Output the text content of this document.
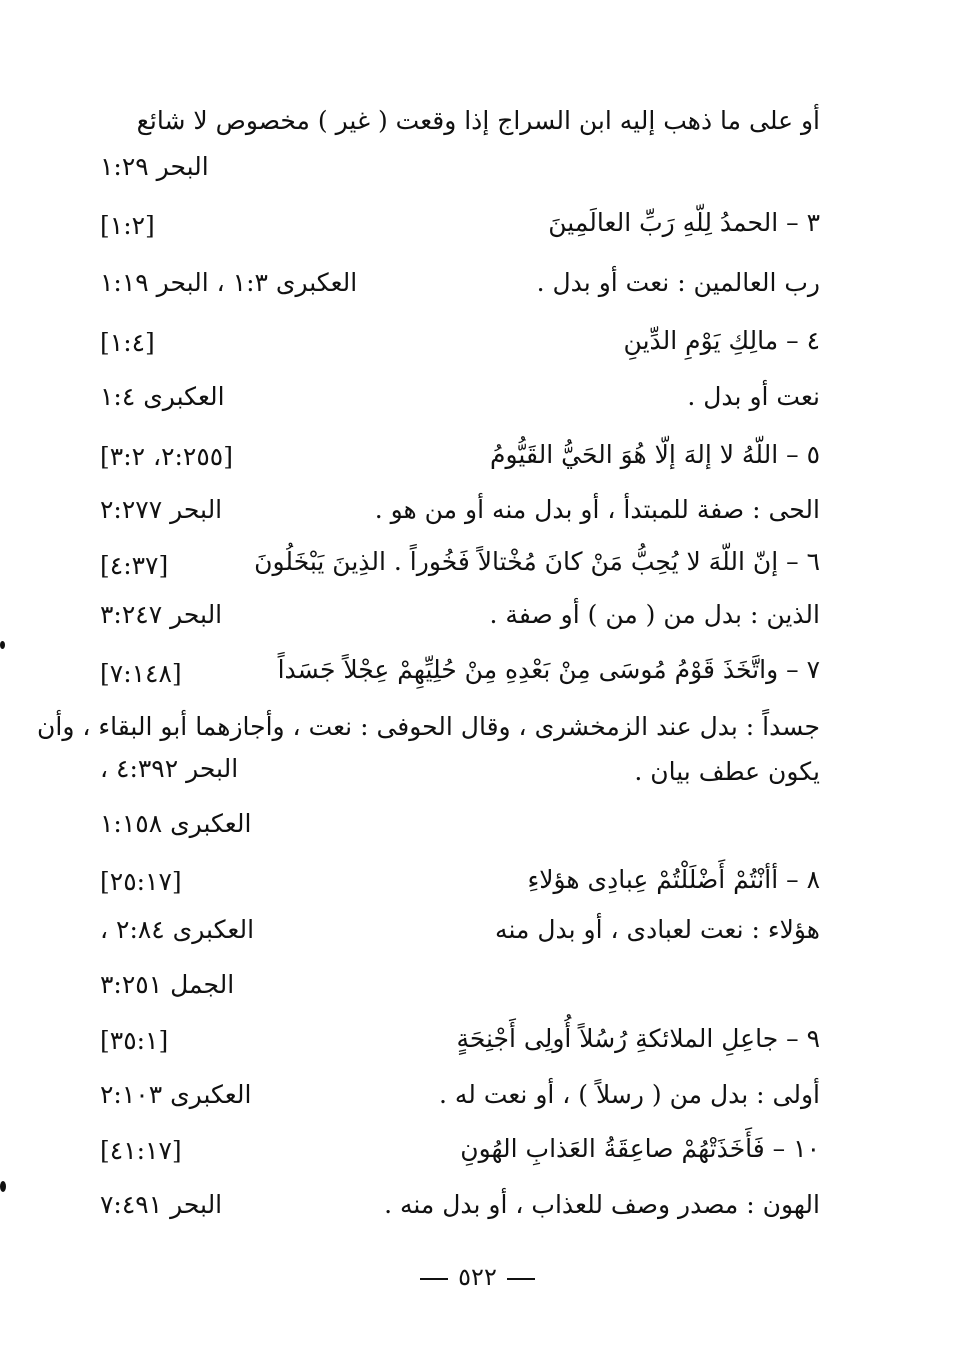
أو على ما ذهب إليه ابن السراج إذا وقعت ( غير ) مخصوص لا شائع
البحر ١:٢٩
٣ – الحمدُ لِلّهِ رَبِّ العالَمِينَ
[١:٢]
رب العالمين : نعت أو بدل .
العكبرى ١:٣ ، البحر ١:١٩
٤ – مالِكِ يَوْمِ الدِّينِ
[١:٤]
نعت أو بدل .
العكبرى ١:٤
٥ – اللّهُ لا إلهَ إلّا هُوَ الحَيُّ القَيُّومُ
[٢:٢٥٥، ٣:٢]
الحى : صفة للمبتدأ ، أو بدل منه أو من هو .
البحر ٢:٢٧٧
٦ – إنّ اللّهَ لا يُحِبُّ مَنْ كانَ مُخْتالاً فَخُوراً . الذِينَ يَبْخَلُونَ
[٤:٣٧]
الذين : بدل من ( من ) أو صفة .
البحر ٣:٢٤٧
٧ – واتَّخَذَ قَوْمُ مُوسَى مِنْ بَعْدِهِ مِنْ حُلِيِّهِمْ عِجْلاً جَسَداً
[٧:١٤٨]
جسداً : بدل عند الزمخشرى ، وقال الحوفى : نعت ، وأجازهما أبو البقاء ، وأن
يكون عطف بيان .
البحر ٤:٣٩٢ ،
العكبرى ١:١٥٨
٨ – أأنْتُمْ أَضْلَلْتُمْ عِبادِى هؤلاءِ
[٢٥:١٧]
هؤلاء : نعت لعبادى ، أو بدل منه
العكبرى ٢:٨٤ ،
الجمل ٣:٢٥١
٩ – جاعِلِ الملائكةِ رُسُلاً أُولِى أَجْنِحَةٍ
[٣٥:١]
أولى : بدل من ( رسلاً ) ، أو نعت له .
العكبرى ٢:١٠٣
١٠ – فَأَخَذَتْهُمْ صاعِقَةُ العَذابِ الهُونِ
[٤١:١٧]
الهون : مصدر وصف للعذاب ، أو بدل منه .
البحر ٧:٤٩١
٥٢٢
